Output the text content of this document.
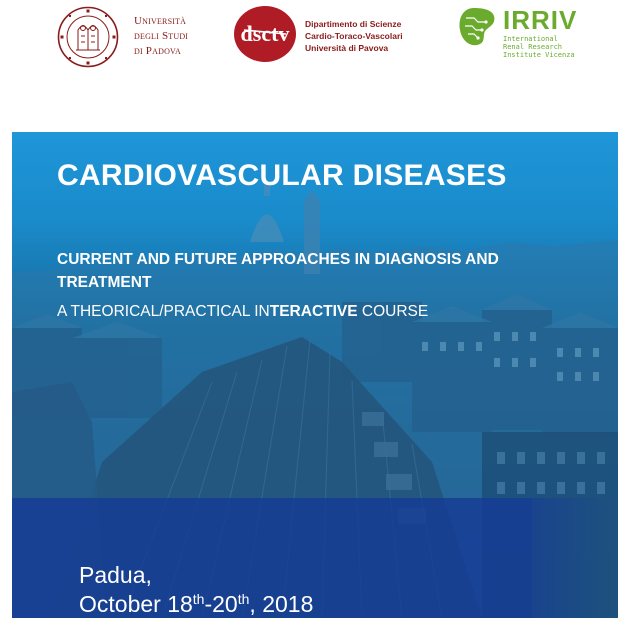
Università
degli Studi
di Padova
dsctv Dipartimento di Scienze
Cardio-Toraco-Vascolari
Università di Pavova
IRRIV
International
Renal Research
Institute Vicenza
CARDIOVASCULAR DISEASES
CURRENT AND FUTURE APPROACHES IN DIAGNOSIS AND TREATMENT
A THEORICAL/PRACTICAL INTERACTIVE COURSE
Padua,
October 18th-20th, 2018
